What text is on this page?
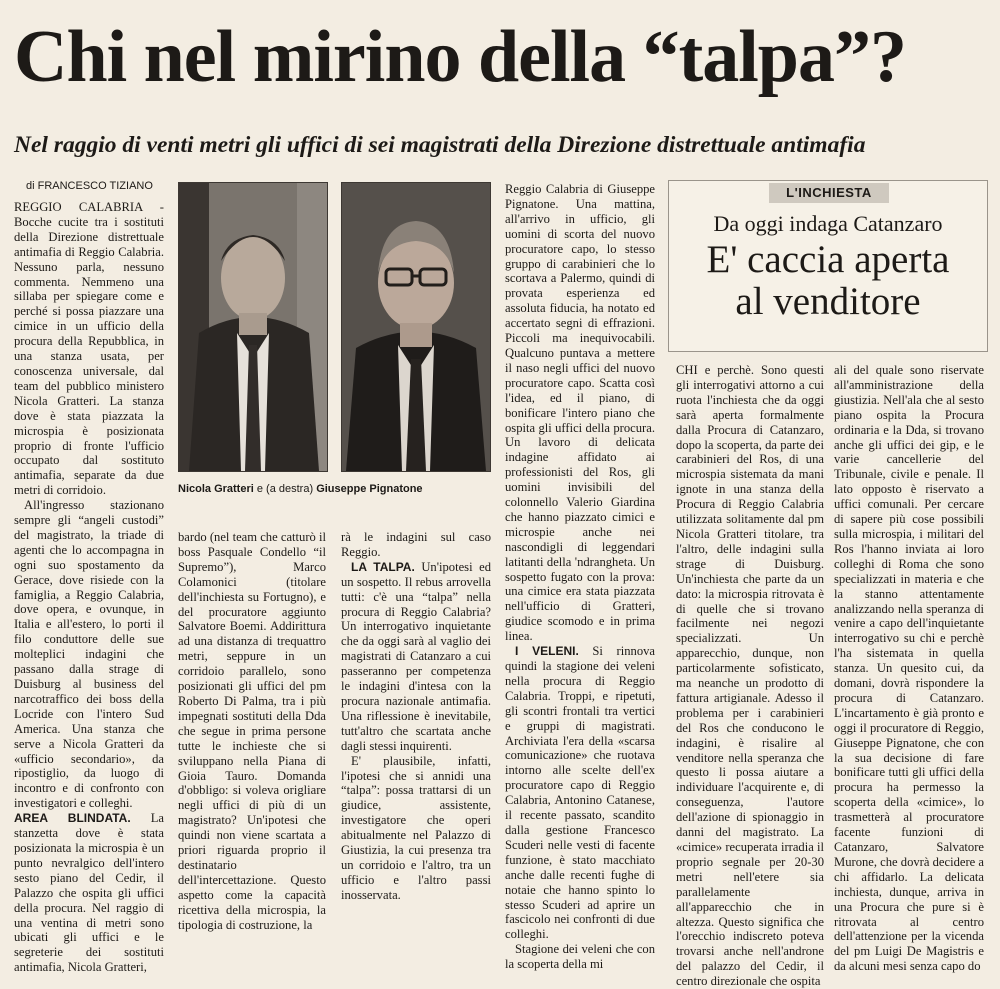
Chi nel mirino della “talpa”?
Nel raggio di venti metri gli uffici di sei magistrati della Direzione distrettuale antimafia
di FRANCESCO TIZIANO

REGGIO CALABRIA - Bocche cucite tra i sostituti della Direzione distrettuale antimafia di Reggio Calabria. Nessuno parla, nessuno commenta. Nemmeno una sillaba per spiegare come e perché si possa piazzare una cimice in un ufficio della procura della Repubblica, in una stanza usata, per conoscenza universale, dal team del pubblico ministero Nicola Gratteri. La stanza dove è stata piazzata la microspia è posizionata proprio di fronte l'ufficio occupato dal sostituto antimafia, separate da due metri di corridoio.

All'ingresso stazionano sempre gli “angeli custodi” del magistrato, la triade di agenti che lo accompagna in ogni suo spostamento da Gerace, dove risiede con la famiglia, a Reggio Calabria, dove opera, e ovunque, in Italia e all'estero, lo porti il filo conduttore delle sue molteplici indagini che passano dalla strage di Duisburg al business del narcotraffico dei boss della Locride con l'intero Sud America. Una stanza che serve a Nicola Gratteri da «ufficio secondario», da ripostiglio, da luogo di incontro e di confronto con investigatori e colleghi.

AREA BLINDATA. La stanzetta dove è stata posizionata la microspia è un punto nevralgico dell'intero sesto piano del Cedir, il Palazzo che ospita gli uffici della procura. Nel raggio di una ventina di metri sono ubicati gli uffici e le segreterie dei sostituti antimafia, Nicola Gratteri,

Nicola Gratteri e (a destra) Giuseppe Pignatone

bardo (nel team che catturò il boss Pasquale Condello “il Supremo”), Marco Colamonici (titolare dell'inchiesta su Fortugno), e del procuratore aggiunto Salvatore Boemi. Addirittura ad una distanza di trequattro metri, seppure in un corridoio parallelo, sono posizionati gli uffici del pm Roberto Di Palma, tra i più impegnati sostituti della Dda che segue in prima persone tutte le inchieste che si sviluppano nella Piana di Gioia Tauro. Domanda d'obbligo: si voleva origliare negli uffici di più di un magistrato? Un'ipotesi che quindi non viene scartata a priori riguarda proprio il destinatario dell'intercettazione. Questo aspetto come la capacità ricettiva della microspia, la tipologia di costruzione, la

rà le indagini sul caso Reggio.

LA TALPA. Un'ipotesi ed un sospetto. Il rebus arrovella tutti: c'è una “talpa” nella procura di Reggio Calabria? Un interrogativo inquietante che da oggi sarà al vaglio dei magistrati di Catanzaro a cui passeranno per competenza le indagini d'intesa con la procura nazionale antimafia. Una riflessione è inevitabile, tutt'altro che scartata anche dagli stessi inquirenti.

E' plausibile, infatti, l'ipotesi che si annidi una “talpa”: possa trattarsi di un giudice, assistente, investigatore che operi abitualmente nel Palazzo di Giustizia, la cui presenza tra un corridoio e l'altro, tra un ufficio e l'altro passi inosservata.

Reggio Calabria di Giuseppe Pignatone. Una mattina, all'arrivo in ufficio, gli uomini di scorta del nuovo procuratore capo, lo stesso gruppo di carabinieri che lo scortava a Palermo, quindi di provata esperienza ed assoluta fiducia, ha notato ed accertato segni di effrazioni. Piccoli ma inequivocabili. Qualcuno puntava a mettere il naso negli uffici del nuovo procuratore capo. Scatta così l'idea, ed il piano, di bonificare l'intero piano che ospita gli uffici della procura. Un lavoro di delicata indagine affidato ai professionisti del Ros, gli uomini invisibili del colonnello Valerio Giardina che hanno piazzato cimici e microspie anche nei nascondigli di leggendari latitanti della 'ndrangheta. Un sospetto fugato con la prova: una cimice era stata piazzata nell'ufficio di Gratteri, giudice scomodo e in prima linea.

I VELENI. Si rinnova quindi la stagione dei veleni nella procura di Reggio Calabria. Troppi, e ripetuti, gli scontri frontali tra vertici e gruppi di magistrati. Archiviata l'era della «scarsa comunicazione» che ruotava intorno alle scelte dell'ex procuratore capo di Reggio Calabria, Antonino Catanese, il recente passato, scandito dalla gestione Francesco Scuderi nelle vesti di facente funzione, è stato macchiato anche dalle recenti fughe di notaie che hanno spinto lo stesso Scuderi ad aprire un fascicolo nei confronti di due colleghi.

Stagione dei veleni che con la scoperta della mi

L'INCHIESTA
Da oggi indaga Catanzaro
E' caccia aperta
al venditore

CHI e perchè. Sono questi gli interrogativi attorno a cui ruota l'inchiesta che da oggi sarà aperta formalmente dalla Procura di Catanzaro, dopo la scoperta, da parte dei carabinieri del Ros, di una microspia sistemata da mani ignote in una stanza della Procura di Reggio Calabria utilizzata solitamente dal pm Nicola Gratteri titolare, tra l'altro, delle indagini sulla strage di Duisburg. Un'inchiesta che parte da un dato: la microspia ritrovata è di quelle che si trovano facilmente nei negozi specializzati. Un apparecchio, dunque, non particolarmente sofisticato, ma neanche un prodotto di fattura artigianale. Adesso il problema per i carabinieri del Ros che conducono le indagini, è risalire al venditore nella speranza che questo li possa aiutare a individuare l'acquirente e, di conseguenza, l'autore dell'azione di spionaggio in danni del magistrato. La «cimice» recuperata irradia il proprio segnale per 20-30 metri nell'etere sia parallelamente all'apparecchio che in altezza. Questo significa che l'orecchio indiscreto poteva trovarsi anche nell'androne del palazzo del Cedir, il centro direzionale che ospita

ali del quale sono riservate all'amministrazione della giustizia. Nell'ala che al sesto piano ospita la Procura ordinaria e la Dda, si trovano anche gli uffici dei gip, e le varie cancellerie del Tribunale, civile e penale. Il lato opposto è riservato a uffici comunali. Per cercare di sapere più cose possibili sulla microspia, i militari del Ros l'hanno inviata ai loro colleghi di Roma che sono specializzati in materia e che la stanno attentamente analizzando nella speranza di venire a capo dell'inquietante interrogativo su chi e perchè l'ha sistemata in quella stanza. Un quesito cui, da domani, dovrà rispondere la procura di Catanzaro. L'incartamento è già pronto e oggi il procuratore di Reggio, Giuseppe Pignatone, che con la sua decisione di fare bonificare tutti gli uffici della procura ha permesso la scoperta della «cimice», lo trasmetterà al procuratore facente funzioni di Catanzaro, Salvatore Murone, che dovrà decidere a chi affidarlo. La delicata inchiesta, dunque, arriva in una Procura che pure si è ritrovata al centro dell'attenzione per la vicenda del pm Luigi De Magistris e da alcuni mesi senza capo do
